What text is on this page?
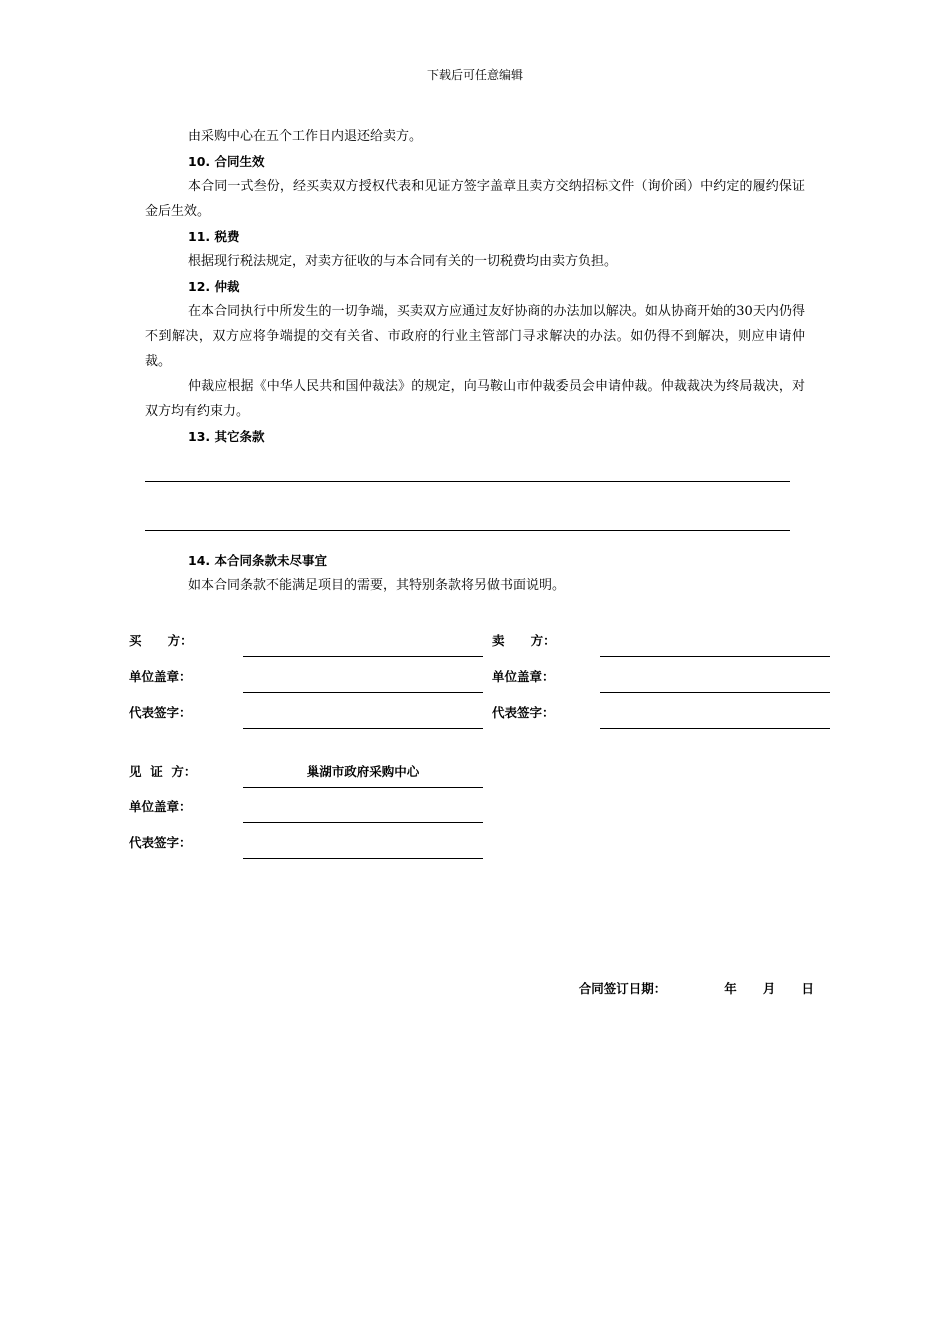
下载后可任意编辑

由采购中心在五个工作日内退还给卖方。

10. 合同生效

本合同一式叁份，经买卖双方授权代表和见证方签字盖章且卖方交纳招标文件（询价函）中约定的履约保证金后生效。

11. 税费

根据现行税法规定，对卖方征收的与本合同有关的一切税费均由卖方负担。

12. 仲裁

在本合同执行中所发生的一切争端，买卖双方应通过友好协商的办法加以解决。如从协商开始的30天内仍得不到解决，双方应将争端提的交有关省、市政府的行业主管部门寻求解决的办法。如仍得不到解决，则应申请仲裁。

仲裁应根据《中华人民共和国仲裁法》的规定，向马鞍山市仲裁委员会申请仲裁。仲裁裁决为终局裁决，对双方均有约束力。

13. 其它条款

14. 本合同条款未尽事宜

如本合同条款不能满足项目的需要，其特别条款将另做书面说明。

买      方：
单位盖章：
代表签字：
卖      方：
单位盖章：
代表签字：
见  证  方：	巢湖市政府采购中心
单位盖章：
代表签字：

合同签订日期：	年      月      日
